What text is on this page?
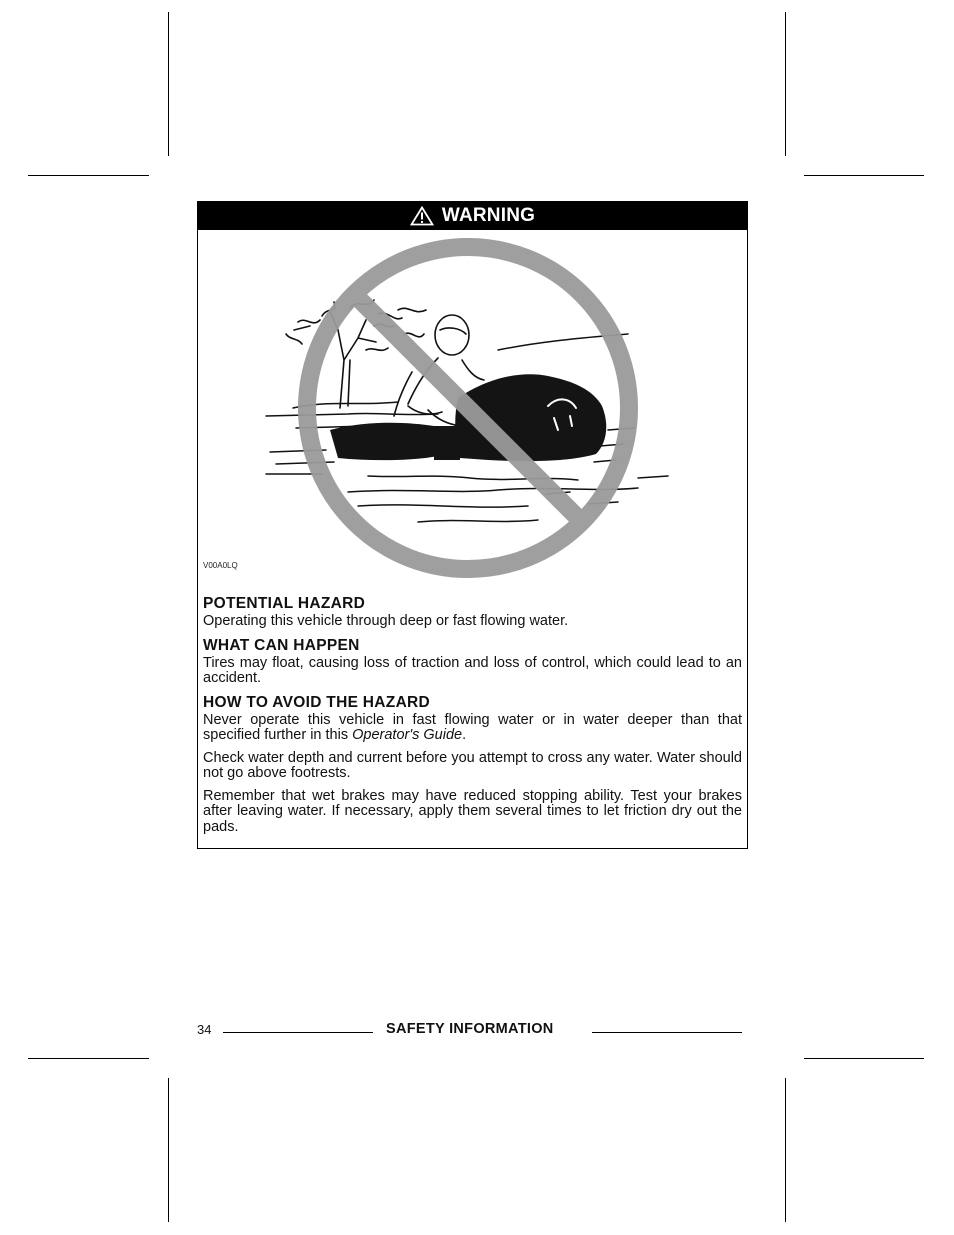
WARNING
V00A0LQ
POTENTIAL HAZARD

Operating this vehicle through deep or fast flowing water.

WHAT CAN HAPPEN

Tires may float, causing loss of traction and loss of control, which could lead to an accident.

HOW TO AVOID THE HAZARD

Never operate this vehicle in fast flowing water or in water deeper than that specified further in this Operator's Guide.

Check water depth and current before you attempt to cross any water. Water should not go above footrests.

Remember that wet brakes may have reduced stopping ability. Test your brakes after leaving water. If necessary, apply them several times to let friction dry out the pads.

34	SAFETY INFORMATION
